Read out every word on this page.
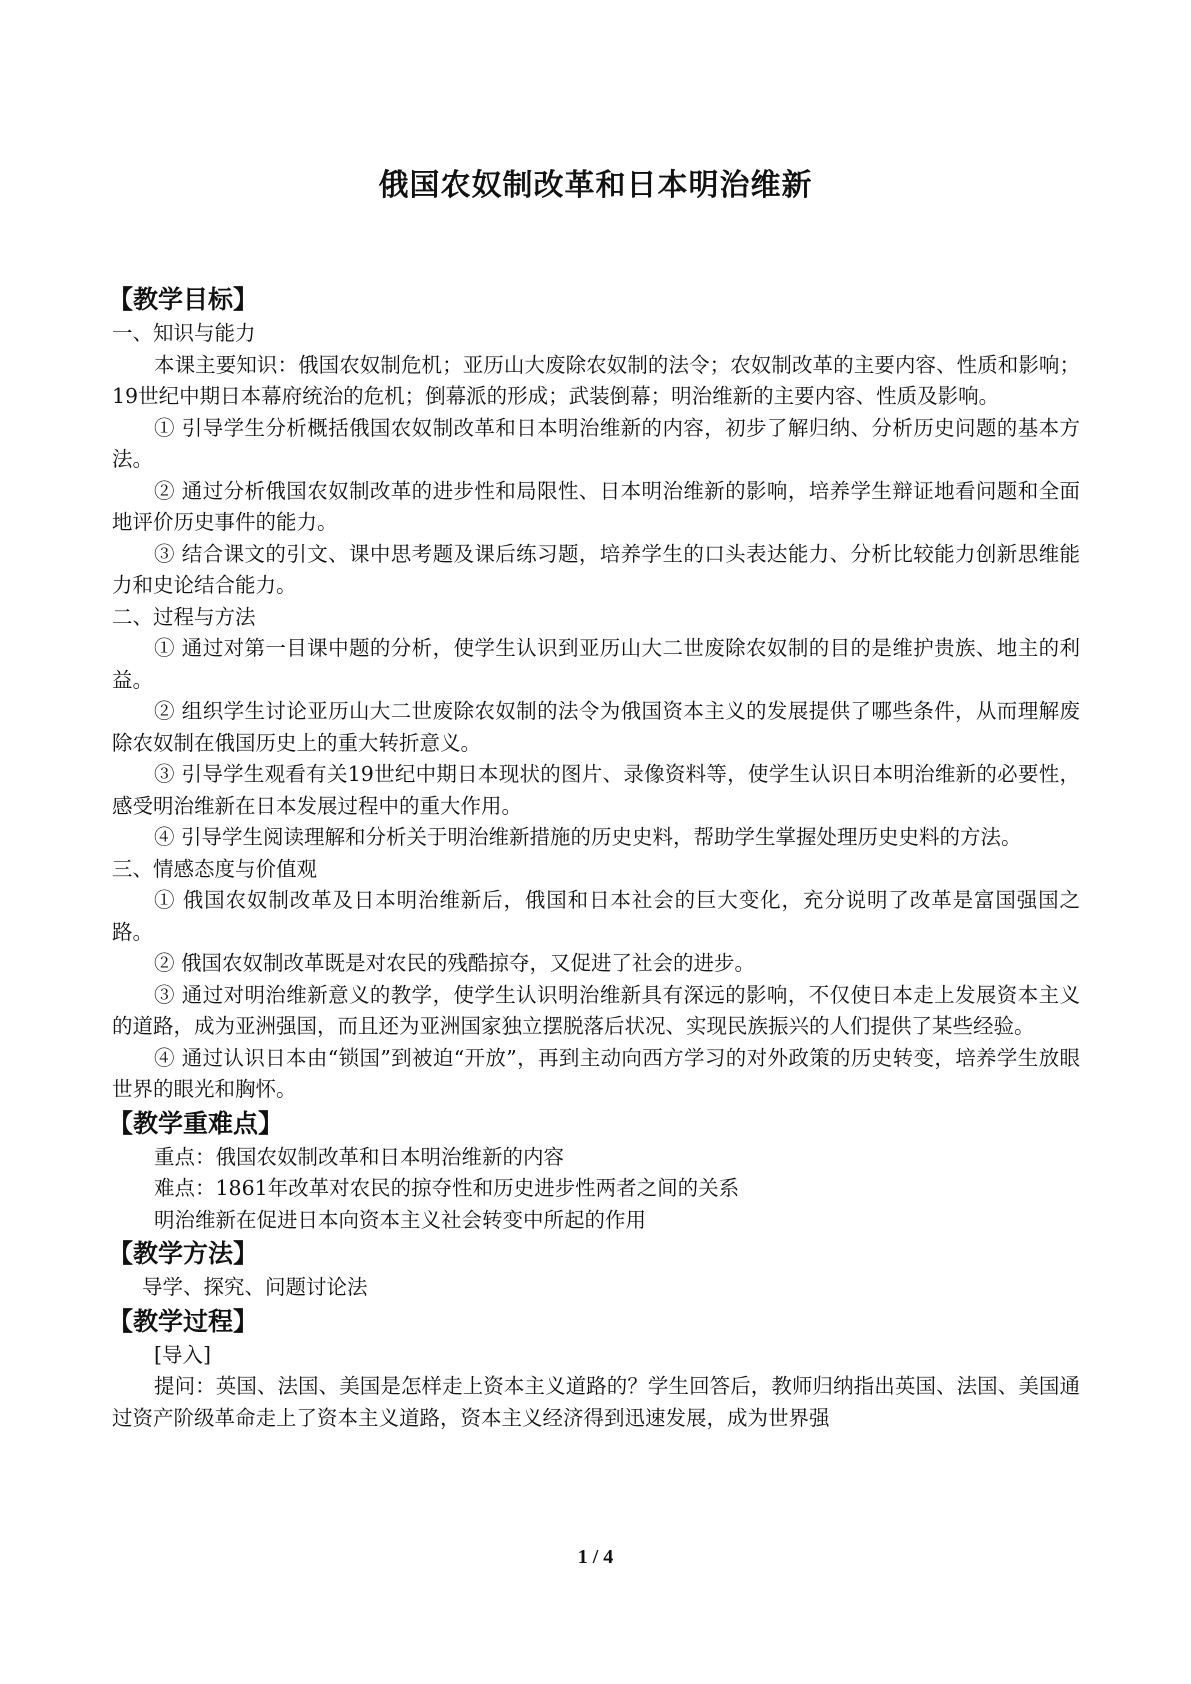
俄国农奴制改革和日本明治维新
【教学目标】
一、知识与能力
本课主要知识：俄国农奴制危机；亚历山大废除农奴制的法令；农奴制改革的主要内容、性质和影响；19世纪中期日本幕府统治的危机；倒幕派的形成；武装倒幕；明治维新的主要内容、性质及影响。
① 引导学生分析概括俄国农奴制改革和日本明治维新的内容，初步了解归纳、分析历史问题的基本方法。
② 通过分析俄国农奴制改革的进步性和局限性、日本明治维新的影响，培养学生辩证地看问题和全面地评价历史事件的能力。
③ 结合课文的引文、课中思考题及课后练习题，培养学生的口头表达能力、分析比较能力创新思维能力和史论结合能力。
二、过程与方法
① 通过对第一目课中题的分析，使学生认识到亚历山大二世废除农奴制的目的是维护贵族、地主的利益。
② 组织学生讨论亚历山大二世废除农奴制的法令为俄国资本主义的发展提供了哪些条件，从而理解废除农奴制在俄国历史上的重大转折意义。
③ 引导学生观看有关19世纪中期日本现状的图片、录像资料等，使学生认识日本明治维新的必要性，感受明治维新在日本发展过程中的重大作用。
④ 引导学生阅读理解和分析关于明治维新措施的历史史料，帮助学生掌握处理历史史料的方法。
三、情感态度与价值观
① 俄国农奴制改革及日本明治维新后，俄国和日本社会的巨大变化，充分说明了改革是富国强国之路。
② 俄国农奴制改革既是对农民的残酷掠夺，又促进了社会的进步。
③ 通过对明治维新意义的教学，使学生认识明治维新具有深远的影响，不仅使日本走上发展资本主义的道路，成为亚洲强国，而且还为亚洲国家独立摆脱落后状况、实现民族振兴的人们提供了某些经验。
④ 通过认识日本由“锁国”到被迫“开放”，再到主动向西方学习的对外政策的历史转变，培养学生放眼世界的眼光和胸怀。
【教学重难点】
重点：俄国农奴制改革和日本明治维新的内容
难点：1861年改革对农民的掠夺性和历史进步性两者之间的关系
明治维新在促进日本向资本主义社会转变中所起的作用
【教学方法】
导学、探究、问题讨论法
【教学过程】
[导入]
提问：英国、法国、美国是怎样走上资本主义道路的？学生回答后，教师归纳指出英国、法国、美国通过资产阶级革命走上了资本主义道路，资本主义经济得到迅速发展，成为世界强
1 / 4
